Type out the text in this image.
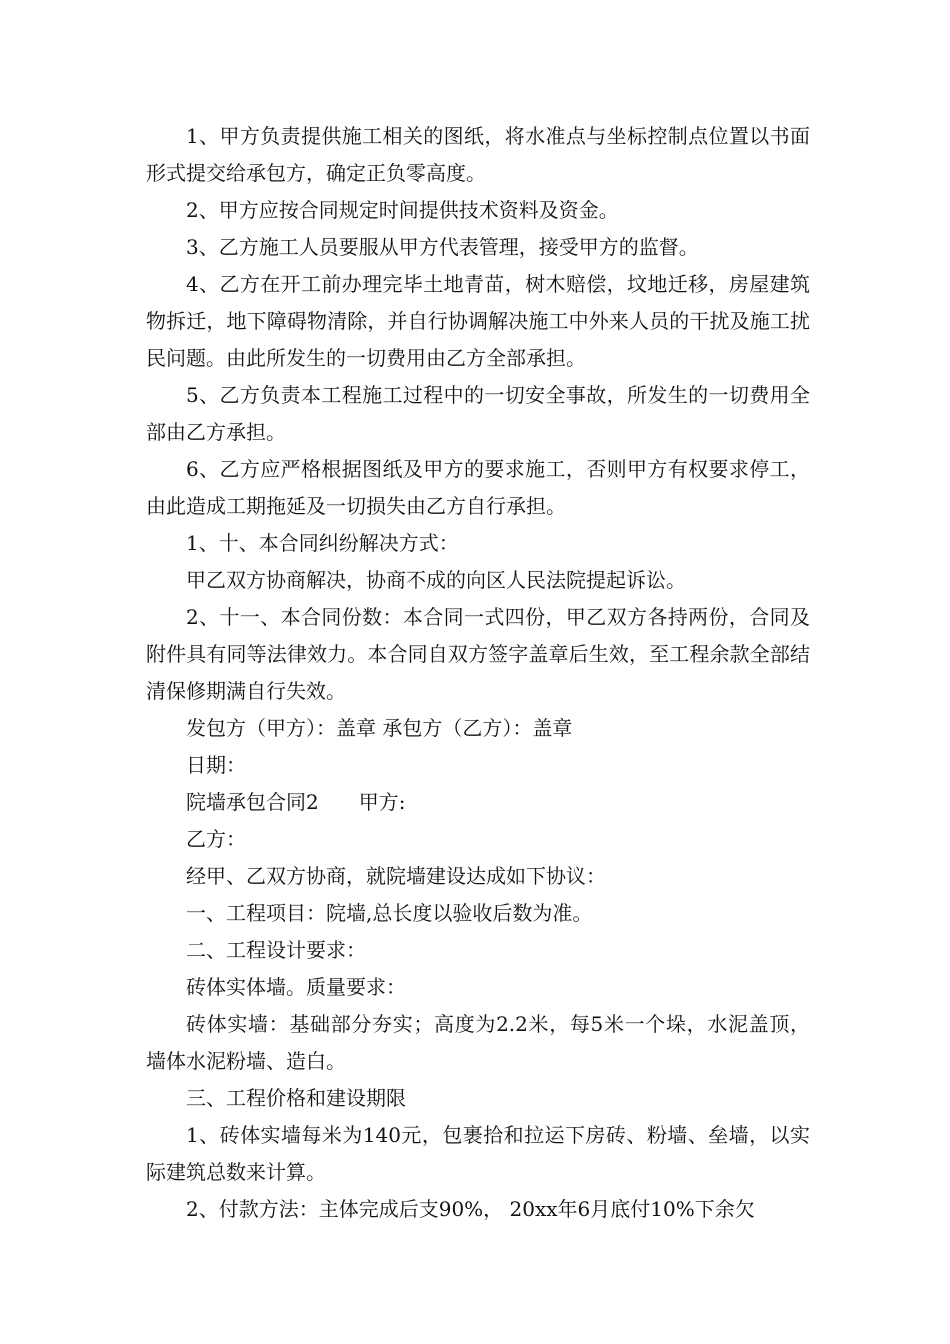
1、甲方负责提供施工相关的图纸，将水准点与坐标控制点位置以书面形式提交给承包方，确定正负零高度。

2、甲方应按合同规定时间提供技术资料及资金。

3、乙方施工人员要服从甲方代表管理，接受甲方的监督。

4、乙方在开工前办理完毕土地青苗，树木赔偿，坟地迁移，房屋建筑物拆迁，地下障碍物清除，并自行协调解决施工中外来人员的干扰及施工扰民问题。由此所发生的一切费用由乙方全部承担。

5、乙方负责本工程施工过程中的一切安全事故，所发生的一切费用全部由乙方承担。

6、乙方应严格根据图纸及甲方的要求施工，否则甲方有权要求停工，由此造成工期拖延及一切损失由乙方自行承担。

1、十、本合同纠纷解决方式：

甲乙双方协商解决，协商不成的向区人民法院提起诉讼。

2、十一、本合同份数：本合同一式四份，甲乙双方各持两份，合同及附件具有同等法律效力。本合同自双方签字盖章后生效，至工程余款全部结清保修期满自行失效。

发包方（甲方）：盖章 承包方（乙方）：盖章

日期：

院墙承包合同2　　甲方:

乙方：

经甲、乙双方协商，就院墙建设达成如下协议：

一、工程项目：院墙,总长度以验收后数为准。

二、工程设计要求：

砖体实体墙。质量要求：

砖体实墙：基础部分夯实；高度为2.2米，每5米一个垛，水泥盖顶，墙体水泥粉墙、造白。

三、工程价格和建设期限

1、砖体实墙每米为140元，包裹拾和拉运下房砖、粉墙、垒墙，以实际建筑总数来计算。

2、付款方法：主体完成后支90%， 20xx年6月底付10%下余欠
